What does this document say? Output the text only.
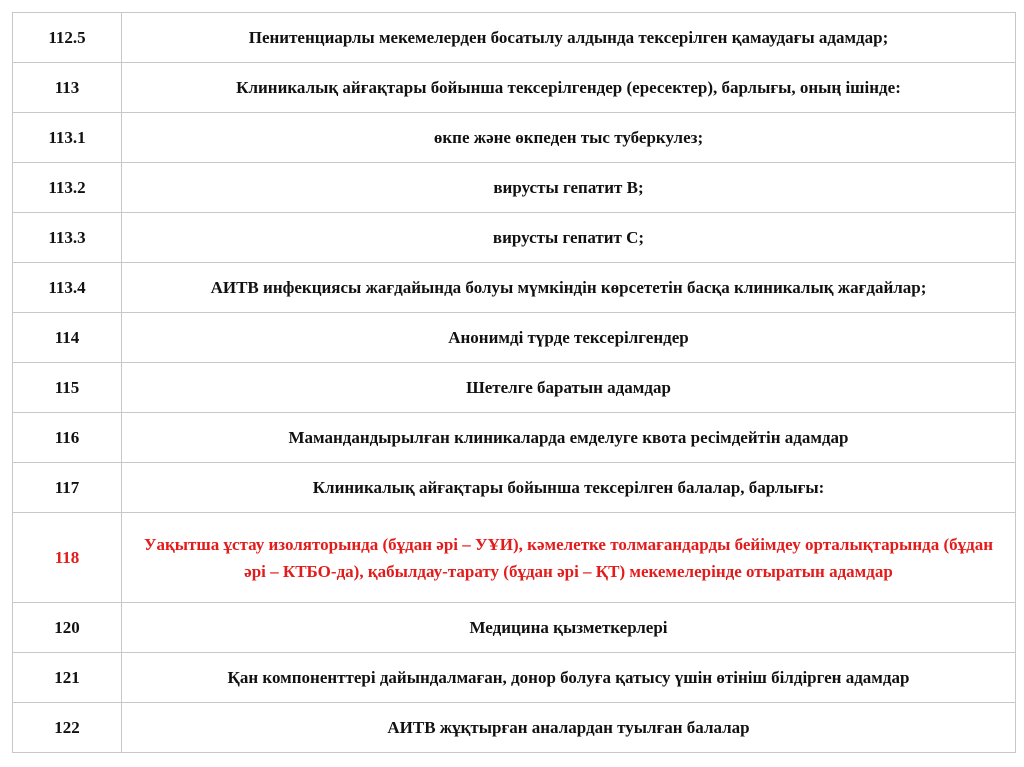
112.5	Пенитенциарлы мекемелерден босатылу алдында тексерілген қамаудағы адамдар;
113	Клиникалық айғақтары бойынша тексерілгендер (ересектер), барлығы, оның ішінде:
113.1	өкпе және өкпеден тыс туберкулез;
113.2	вирусты гепатит В;
113.3	вирусты гепатит С;
113.4	АИТВ инфекциясы жағдайында болуы мүмкіндін көрсететін басқа клиникалық жағдайлар;
114	Анонимді түрде тексерілгендер
115	Шетелге баратын адамдар
116	Мамандандырылған клиникаларда емделуге квота ресімдейтін адамдар
117	Клиникалық айғақтары бойынша тексерілген балалар, барлығы:
118	Уақытша ұстау изоляторында (бұдан әрі – УҰИ), кәмелетке толмағандарды бейімдеу орталықтарында (бұдан әрі – КТБО-да), қабылдау-тарату (бұдан әрі – ҚТ) мекемелерінде отыратын адамдар
120	Медицина қызметкерлері
121	Қан компоненттері дайындалмаған, донор болуға қатысу үшін өтініш білдірген адамдар
122	АИТВ жұқтырған аналардан туылған балалар
